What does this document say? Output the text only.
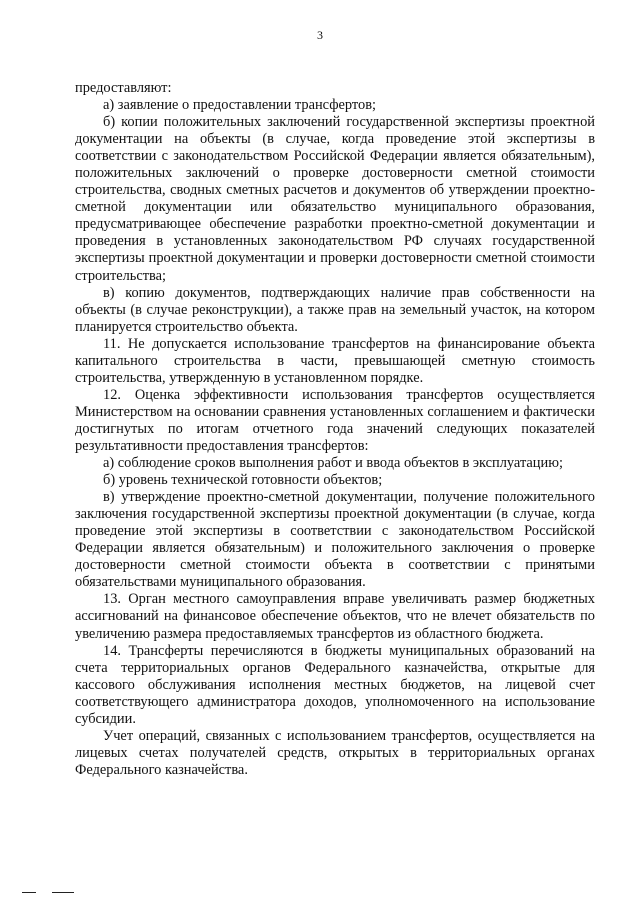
3

предоставляют:

а) заявление о предоставлении трансфертов;

б) копии положительных заключений государственной экспертизы проектной документации на объекты (в случае, когда проведение этой экспертизы в соответствии с законодательством Российской Федерации является обязательным), положительных заключений о проверке достоверности сметной стоимости строительства, сводных сметных расчетов и документов об утверждении проектно-сметной документации или обязательство муниципального образования, предусматривающее обеспечение разработки проектно-сметной документации и проведения в установленных законодательством РФ случаях государственной экспертизы проектной документации и проверки достоверности сметной стоимости строительства;

в) копию документов, подтверждающих наличие прав собственности на объекты (в случае реконструкции), а также прав на земельный участок, на котором планируется строительство объекта.

11. Не допускается использование трансфертов на финансирование объекта капитального строительства в части, превышающей сметную стоимость строительства, утвержденную в установленном порядке.

12. Оценка эффективности использования трансфертов осуществляется Министерством на основании сравнения установленных соглашением и фактически достигнутых по итогам отчетного года значений следующих показателей результативности предоставления трансфертов:

а) соблюдение сроков выполнения работ и ввода объектов в эксплуатацию;

б) уровень технической готовности объектов;

в) утверждение проектно-сметной документации, получение положительного заключения государственной экспертизы проектной документации (в случае, когда проведение этой экспертизы в соответствии с законодательством Российской Федерации является обязательным) и положительного заключения о проверке достоверности сметной стоимости объекта в соответствии с принятыми обязательствами муниципального образования.

13. Орган местного самоуправления вправе увеличивать размер бюджетных ассигнований на финансовое обеспечение объектов, что не влечет обязательств по увеличению размера предоставляемых трансфертов из областного бюджета.

14. Трансферты перечисляются в бюджеты муниципальных образований на счета территориальных органов Федерального казначейства, открытые для кассового обслуживания исполнения местных бюджетов, на лицевой счет соответствующего администратора доходов, уполномоченного на использование субсидии.

Учет операций, связанных с использованием трансфертов, осуществляется на лицевых счетах получателей средств, открытых в территориальных органах Федерального казначейства.
